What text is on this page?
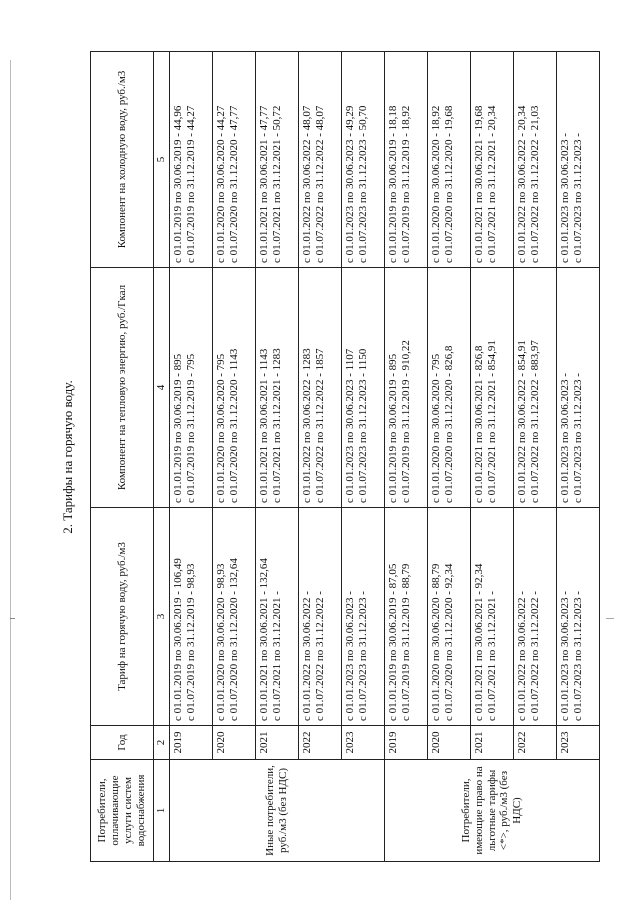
2. Тарифы на горячую воду.
Потребители, оплачивающие услуги систем водоснабжения	Год	Тариф на горячую воду, руб./м3	Компонент на тепловую энергию, руб./Гкал	Компонент на холодную воду, руб./м3
1	2	3	4	5
Иные потребители, руб./м3 (без НДС)	2019	с 01.01.2019 по 30.06.2019 - 106,49 с 01.07.2019 по 31.12.2019 - 98,93	с 01.01.2019 по 30.06.2019 - 895 с 01.07.2019 по 31.12.2019 - 795	с 01.01.2019 по 30.06.2019 - 44,96 с 01.07.2019 по 31.12.2019 - 44,27

	2020	с 01.01.2020 по 30.06.2020 - 98,93 с 01.07.2020 по 31.12.2020 - 132,64	с 01.01.2020 по 30.06.2020 - 795 с 01.07.2020 по 31.12.2020 - 1143	с 01.01.2020 по 30.06.2020 - 44,27 с 01.07.2020 по 31.12.2020 - 47,77

	2021	с 01.01.2021 по 30.06.2021 - 132,64 с 01.07.2021 по 31.12.2021 -	с 01.01.2021 по 30.06.2021 - 1143 с 01.07.2021 по 31.12.2021 - 1283	с 01.01.2021 по 30.06.2021 - 47,77 с 01.07.2021 по 31.12.2021 - 50,72

	2022	с 01.01.2022 по 30.06.2022 - с 01.07.2022 по 31.12.2022 -	с 01.01.2022 по 30.06.2022 - 1283 с 01.07.2022 по 31.12.2022 - 1857	с 01.01.2022 по 30.06.2022 - 48,07 с 01.07.2022 по 31.12.2022 - 48,07

	2023	с 01.01.2023 по 30.06.2023 - с 01.07.2023 по 31.12.2023 -	с 01.01.2023 по 30.06.2023 - 1107 с 01.07.2023 по 31.12.2023 - 1150	с 01.01.2023 по 30.06.2023 - 49,29 с 01.07.2023 по 31.12.2023 - 50,70

Потребители, имеющие право на льготные тарифы <*>, руб./м3 (без НДС)	2019	с 01.01.2019 по 30.06.2019 - 87,05 с 01.07.2019 по 31.12.2019 - 88,79	с 01.01.2019 по 30.06.2019 - 895 с 01.07.2019 по 31.12.2019 - 910,22	с 01.01.2019 по 30.06.2019 - 18,18 с 01.07.2019 по 31.12.2019 - 18,92

	2020	с 01.01.2020 по 30.06.2020 - 88,79 с 01.07.2020 по 31.12.2020 - 92,34	с 01.01.2020 по 30.06.2020 - 795 с 01.07.2020 по 31.12.2020 - 826,8	с 01.01.2020 по 30.06.2020 - 18,92 с 01.07.2020 по 31.12.2020 - 19,68

	2021	с 01.01.2021 по 30.06.2021 - 92,34 с 01.07.2021 по 31.12.2021 -	с 01.01.2021 по 30.06.2021 - 826,8 с 01.07.2021 по 31.12.2021 - 854,91	с 01.01.2021 по 30.06.2021 - 19,68 с 01.07.2021 по 31.12.2021 - 20,34

	2022	с 01.01.2022 по 30.06.2022 - с 01.07.2022 по 31.12.2022 -	с 01.01.2022 по 30.06.2022 - 854,91 с 01.07.2022 по 31.12.2022 - 883,97	с 01.01.2022 по 30.06.2022 - 20,34 с 01.07.2022 по 31.12.2022 - 21,03

	2023	с 01.01.2023 по 30.06.2023 - с 01.07.2023 по 31.12.2023 -	с 01.01.2023 по 30.06.2023 - с 01.07.2023 по 31.12.2023 -	с 01.01.2023 по 30.06.2023 - с 01.07.2023 по 31.12.2023 -
